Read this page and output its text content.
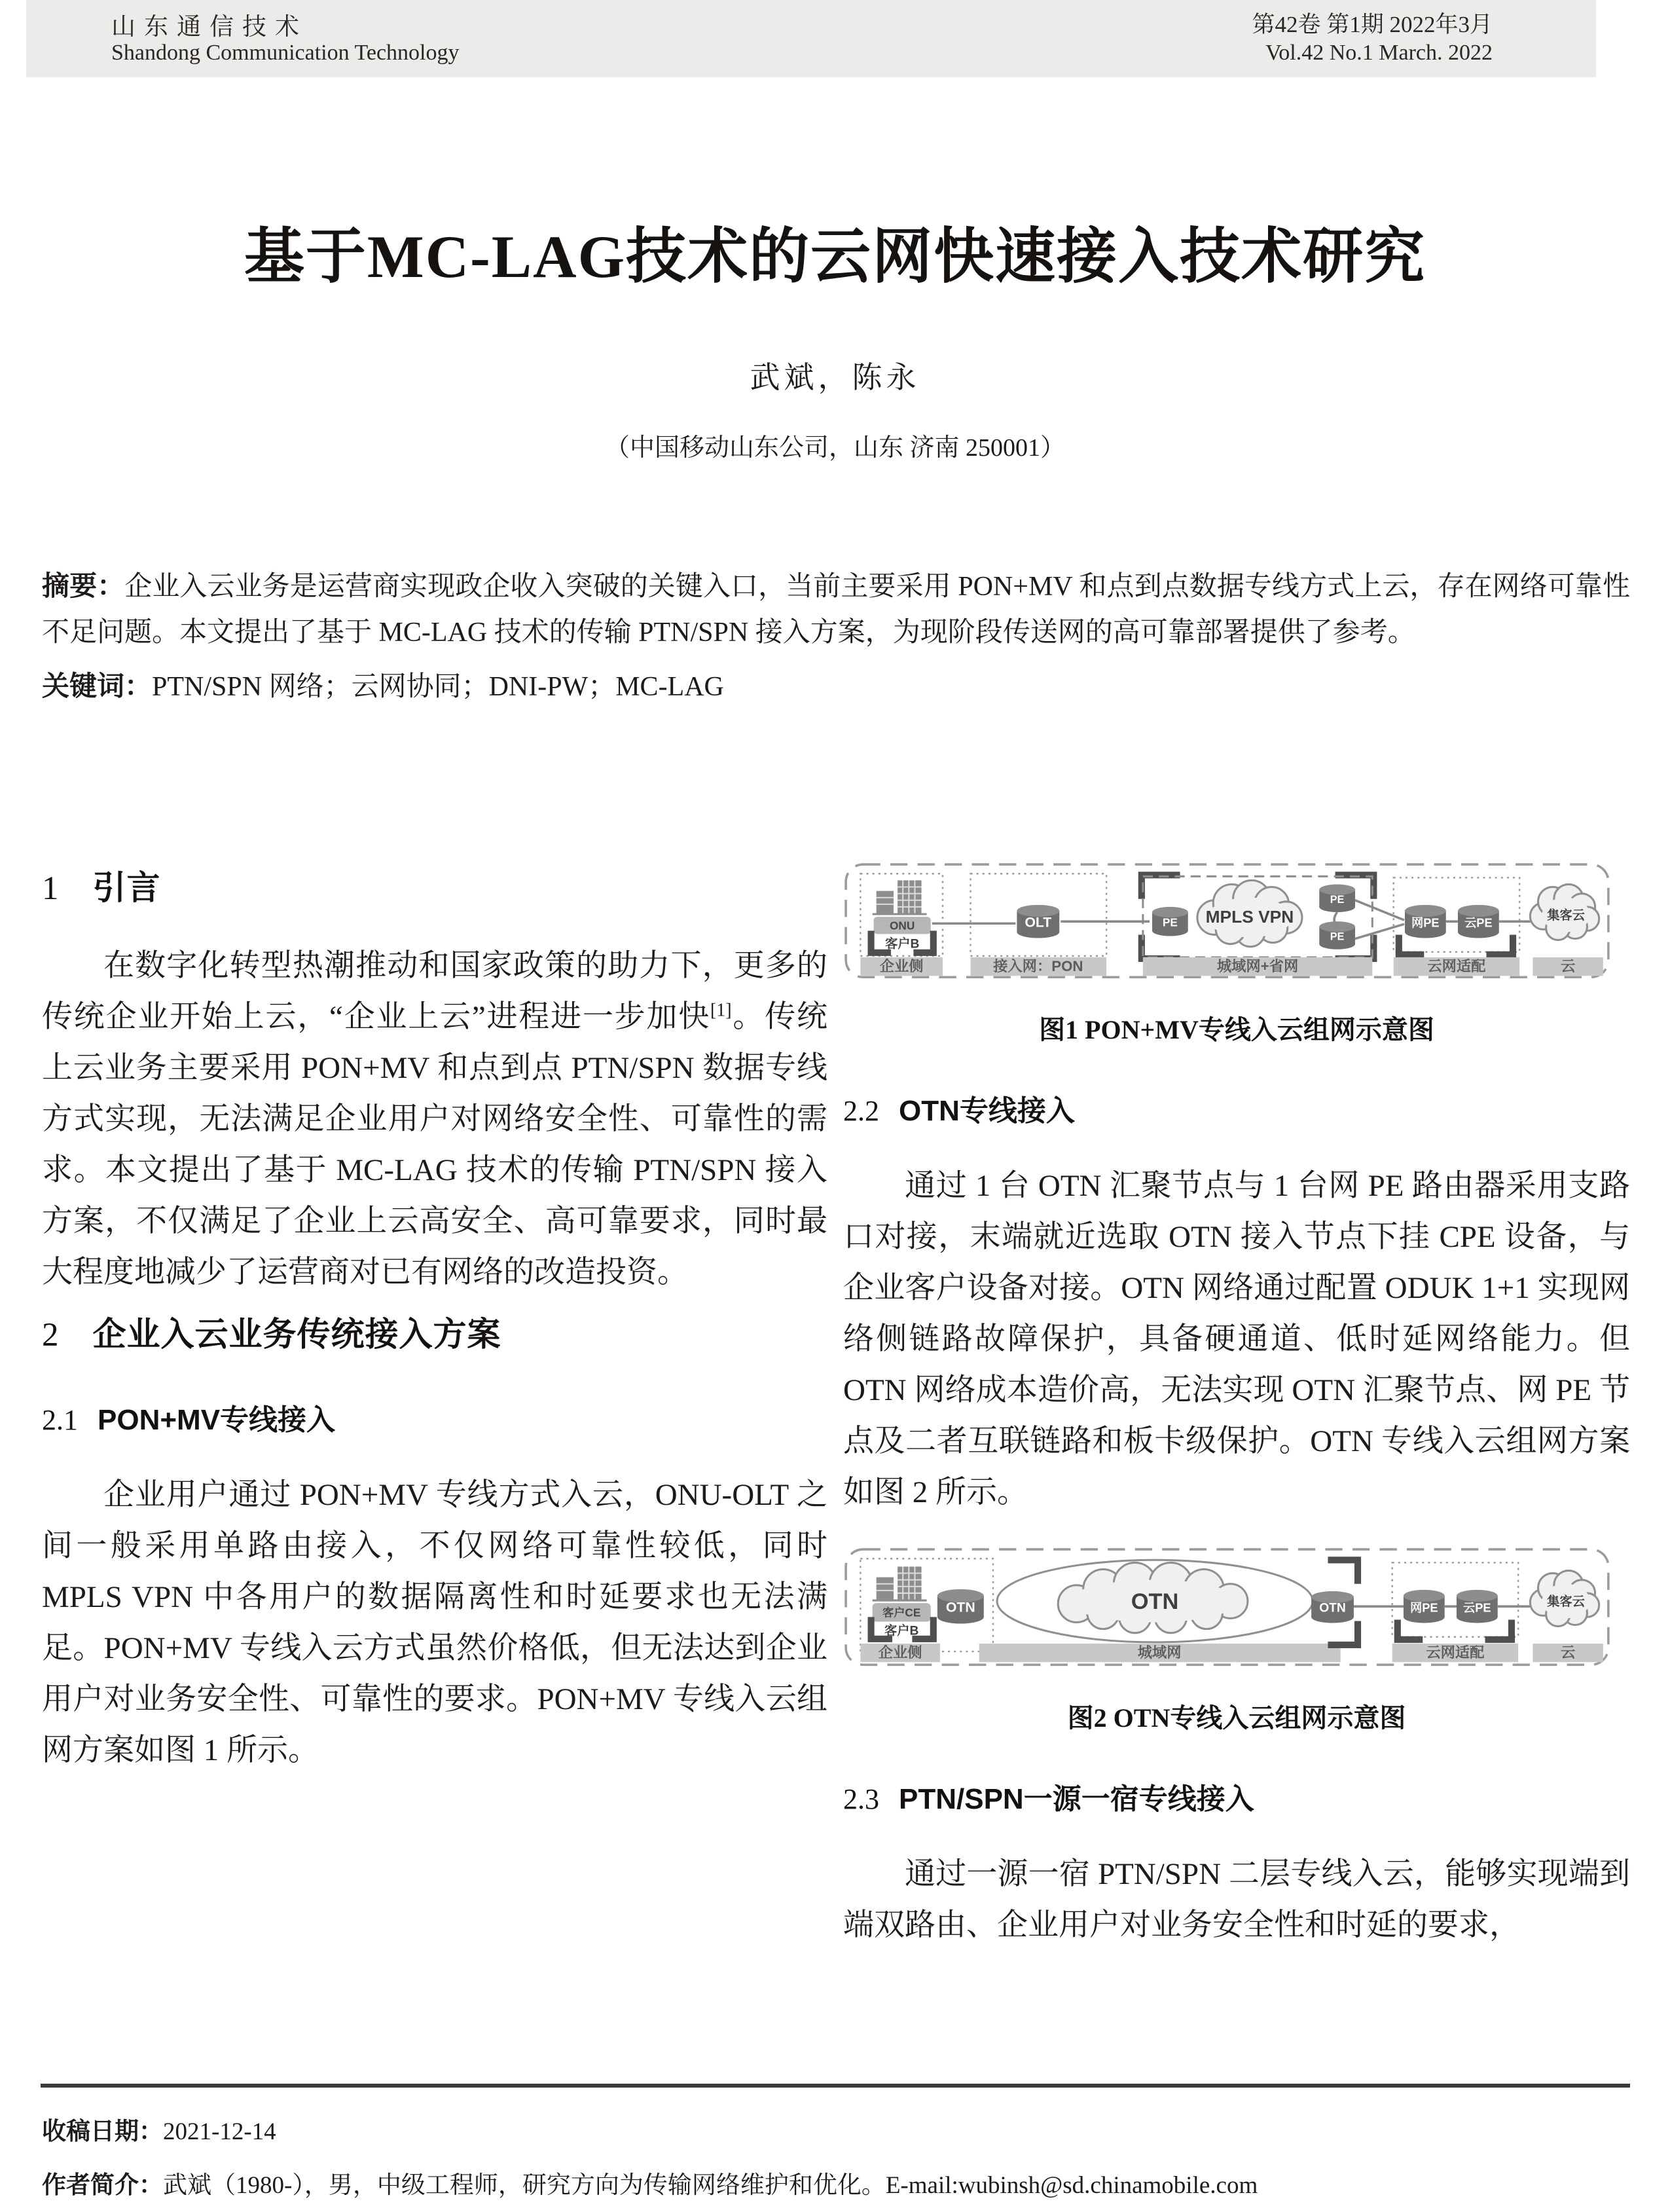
山东通信技术
Shandong Communication Technology
第42卷 第1期 2022年3月
Vol.42 No.1 March. 2022
基于MC-LAG技术的云网快速接入技术研究
武斌，陈永
（中国移动山东公司，山东 济南 250001）

摘要：企业入云业务是运营商实现政企收入突破的关键入口，当前主要采用 PON+MV 和点到点数据专线方式上云，存在网络可靠性不足问题。本文提出了基于 MC-LAG 技术的传输 PTN/SPN 接入方案，为现阶段传送网的高可靠部署提供了参考。

关键词：PTN/SPN 网络；云网协同；DNI-PW；MC-LAG

1 引言

在数字化转型热潮推动和国家政策的助力下，更多的传统企业开始上云，“企业上云”进程进一步加快[1]。传统上云业务主要采用 PON+MV 和点到点 PTN/SPN 数据专线方式实现，无法满足企业用户对网络安全性、可靠性的需求。本文提出了基于 MC-LAG 技术的传输 PTN/SPN 接入方案，不仅满足了企业上云高安全、高可靠要求，同时最大程度地减少了运营商对已有网络的改造投资。

2 企业入云业务传统接入方案
2.1 PON+MV专线接入

企业用户通过 PON+MV 专线方式入云，ONU-OLT 之间一般采用单路由接入，不仅网络可靠性较低，同时 MPLS VPN 中各用户的数据隔离性和时延要求也无法满足。PON+MV 专线入云方式虽然价格低，但无法达到企业用户对业务安全性、可靠性的要求。PON+MV 专线入云组网方案如图 1 所示。

ONU
客户B
企业侧
OLT
接入网：PON
PE MPLS VPN
PE
PE
城域网+省网
网PE 云PE
云网适配
集客云
云
图1 PON+MV专线入云组网示意图
2.2 OTN专线接入

通过 1 台 OTN 汇聚节点与 1 台网 PE 路由器采用支路口对接，末端就近选取 OTN 接入节点下挂 CPE 设备，与企业客户设备对接。OTN 网络通过配置 ODUK 1+1 实现网络侧链路故障保护，具备硬通道、低时延网络能力。但 OTN 网络成本造价高，无法实现 OTN 汇聚节点、网 PE 节点及二者互联链路和板卡级保护。OTN 专线入云组网方案如图 2 所示。

客户CE
客户B
企业侧
OTN	OTN
城域网
OTN	网PE 云PE
云网适配
集客云
云
图2 OTN专线入云组网示意图
2.3 PTN/SPN一源一宿专线接入

通过一源一宿 PTN/SPN 二层专线入云，能够实现端到端双路由、企业用户对业务安全性和时延的要求，

收稿日期：2021-12-14
作者简介：武斌（1980-），男，中级工程师，研究方向为传输网络维护和优化。E-mail:wubinsh@sd.chinamobile.com
